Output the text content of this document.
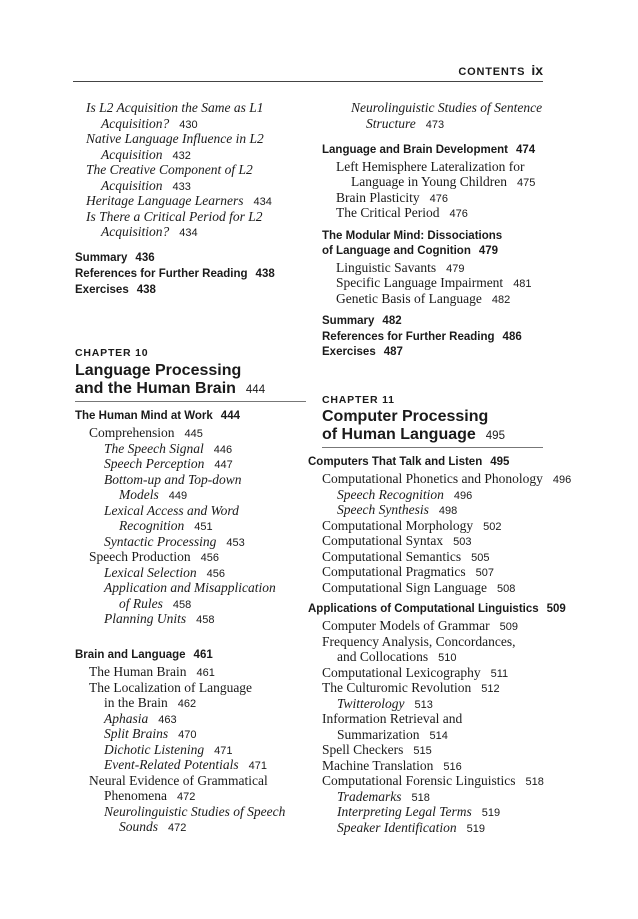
CONTENTS ix
Is L2 Acquisition the Same as L1
Acquisition? 430
Native Language Influence in L2
Acquisition 432
The Creative Component of L2
Acquisition 433
Heritage Language Learners 434
Is There a Critical Period for L2
Acquisition? 434
Summary 436
References for Further Reading 438
Exercises 438
CHAPTER 10
Language Processing
and the Human Brain 444
The Human Mind at Work 444
Comprehension 445
The Speech Signal 446
Speech Perception 447
Bottom-up and Top-down
Models 449
Lexical Access and Word
Recognition 451
Syntactic Processing 453
Speech Production 456
Lexical Selection 456
Application and Misapplication
of Rules 458
Planning Units 458
Brain and Language 461
The Human Brain 461
The Localization of Language
in the Brain 462
Aphasia 463
Split Brains 470
Dichotic Listening 471
Event-Related Potentials 471
Neural Evidence of Grammatical
Phenomena 472
Neurolinguistic Studies of Speech
Sounds 472
Neurolinguistic Studies of Sentence
Structure 473
Language and Brain Development 474
Left Hemisphere Lateralization for
Language in Young Children 475
Brain Plasticity 476
The Critical Period 476
The Modular Mind: Dissociations
of Language and Cognition 479
Linguistic Savants 479
Specific Language Impairment 481
Genetic Basis of Language 482
Summary 482
References for Further Reading 486
Exercises 487
CHAPTER 11
Computer Processing
of Human Language 495
Computers That Talk and Listen 495
Computational Phonetics and Phonology 496
Speech Recognition 496
Speech Synthesis 498
Computational Morphology 502
Computational Syntax 503
Computational Semantics 505
Computational Pragmatics 507
Computational Sign Language 508
Applications of Computational Linguistics 509
Computer Models of Grammar 509
Frequency Analysis, Concordances,
and Collocations 510
Computational Lexicography 511
The Culturomic Revolution 512
Twitterology 513
Information Retrieval and
Summarization 514
Spell Checkers 515
Machine Translation 516
Computational Forensic Linguistics 518
Trademarks 518
Interpreting Legal Terms 519
Speaker Identification 519
